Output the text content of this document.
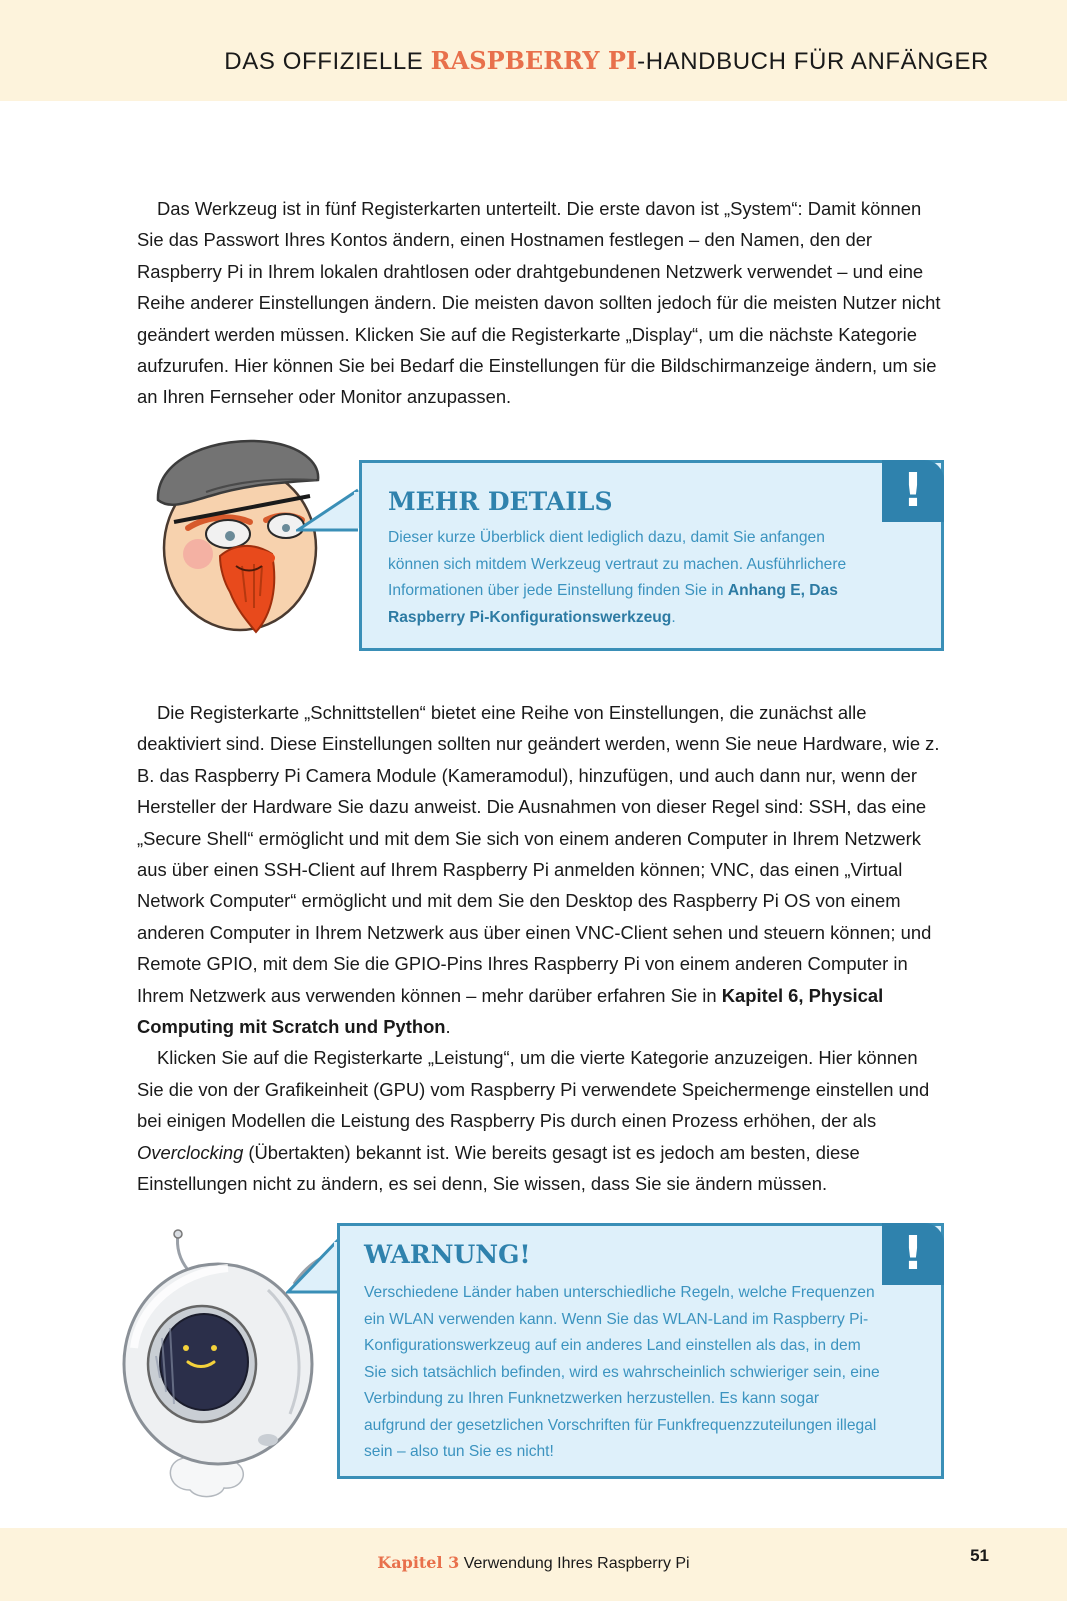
DAS OFFIZIELLE RASPBERRY PI-HANDBUCH FÜR ANFÄNGER

Das Werkzeug ist in fünf Registerkarten unterteilt. Die erste davon ist „System“: Damit können Sie das Passwort Ihres Kontos ändern, einen Hostnamen festlegen – den Namen, den der Raspberry Pi in Ihrem lokalen drahtlosen oder drahtgebundenen Netzwerk verwendet – und eine Reihe anderer Einstellungen ändern. Die meisten davon sollten jedoch für die meisten Nutzer nicht geändert werden müssen. Klicken Sie auf die Registerkarte „Display“, um die nächste Kategorie aufzurufen. Hier können Sie bei Bedarf die Einstellungen für die Bildschirmanzeige ändern, um sie an Ihren Fernseher oder Monitor anzupassen.

!
MEHR DETAILS
Dieser kurze Überblick dient lediglich dazu, damit Sie anfangen können sich mitdem Werkzeug vertraut zu machen. Ausführlichere Informationen über jede Einstellung finden Sie in Anhang E, Das Raspberry Pi-Konfigurationswerkzeug.

Die Registerkarte „Schnittstellen“ bietet eine Reihe von Einstellungen, die zunächst alle deaktiviert sind. Diese Einstellungen sollten nur geändert werden, wenn Sie neue Hardware, wie z. B. das Raspberry Pi Camera Module (Kameramodul), hinzufügen, und auch dann nur, wenn der Hersteller der Hardware Sie dazu anweist. Die Ausnahmen von dieser Regel sind: SSH, das eine „Secure Shell“ ermöglicht und mit dem Sie sich von einem anderen Computer in Ihrem Netzwerk aus über einen SSH-Client auf Ihrem Raspberry Pi anmelden können; VNC, das einen „Virtual Network Computer“ ermöglicht und mit dem Sie den Desktop des Raspberry Pi OS von einem anderen Computer in Ihrem Netzwerk aus über einen VNC-Client sehen und steuern können; und Remote GPIO, mit dem Sie die GPIO-Pins Ihres Raspberry Pi von einem anderen Computer in Ihrem Netzwerk aus verwenden können – mehr darüber erfahren Sie in Kapitel 6, Physical Computing mit Scratch und Python.

Klicken Sie auf die Registerkarte „Leistung“, um die vierte Kategorie anzuzeigen. Hier können Sie die von der Grafikeinheit (GPU) vom Raspberry Pi verwendete Speichermenge einstellen und bei einigen Modellen die Leistung des Raspberry Pis durch einen Prozess erhöhen, der als Overclocking (Übertakten) bekannt ist. Wie bereits gesagt ist es jedoch am besten, diese Einstellungen nicht zu ändern, es sei denn, Sie wissen, dass Sie sie ändern müssen.

!
WARNUNG!
Verschiedene Länder haben unterschiedliche Regeln, welche Frequenzen ein WLAN verwenden kann. Wenn Sie das WLAN-Land im Raspberry Pi-Konfigurationswerkzeug auf ein anderes Land einstellen als das, in dem Sie sich tatsächlich befinden, wird es wahrscheinlich schwieriger sein, eine Verbindung zu Ihren Funknetzwerken herzustellen. Es kann sogar aufgrund der gesetzlichen Vorschriften für Funkfrequenzzuteilungen illegal sein – also tun Sie es nicht!
Kapitel 3 Verwendung Ihres Raspberry Pi	51
